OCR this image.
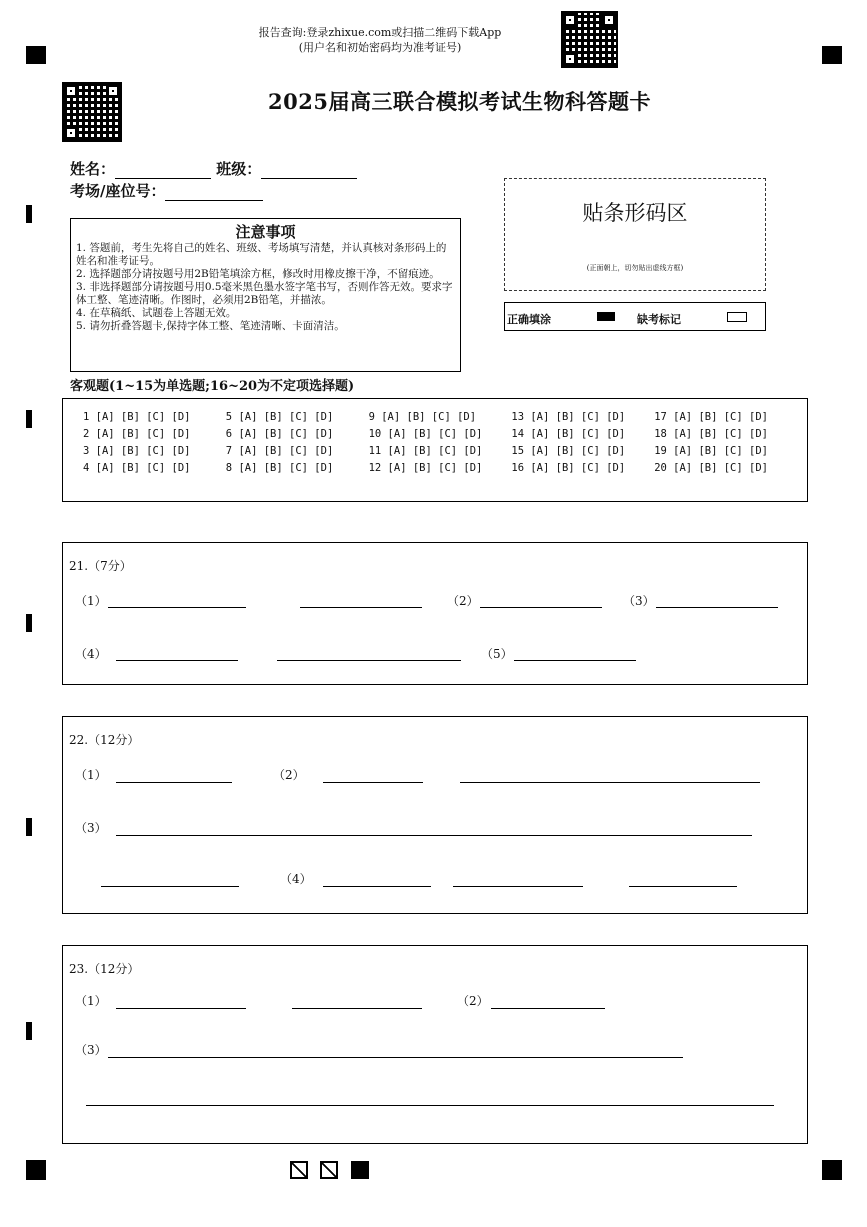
报告查询:登录zhixue.com或扫描二维码下载App
(用户名和初始密码均为准考证号)
2025届高三联合模拟考试生物科答题卡
姓名：	班级：
考场/座位号：
注意事项
1. 答题前，考生先将自己的姓名、班级、考场填写清楚，并认真核对条形码上的姓名和准考证号。
2. 选择题部分请按题号用2B铅笔填涂方框，修改时用橡皮擦干净，不留痕迹。
3. 非选择题部分请按题号用0.5毫米黑色墨水签字笔书写，否则作答无效。要求字体工整、笔迹清晰。作图时，必须用2B铅笔，并描浓。
4. 在草稿纸、试题卷上答题无效。
5. 请勿折叠答题卡,保持字体工整、笔迹清晰、卡面清洁。
贴条形码区
(正面朝上，切勿贴出虚线方框)
正确填涂	缺考标记
客观题(1~15为单选题;16~20为不定项选择题)
1 [A] [B] [C] [D]	5 [A] [B] [C] [D]	9 [A] [B] [C] [D]	13 [A] [B] [C] [D]	17 [A] [B] [C] [D]
2 [A] [B] [C] [D]	6 [A] [B] [C] [D]	10 [A] [B] [C] [D]	14 [A] [B] [C] [D]	18 [A] [B] [C] [D]
3 [A] [B] [C] [D]	7 [A] [B] [C] [D]	11 [A] [B] [C] [D]	15 [A] [B] [C] [D]	19 [A] [B] [C] [D]
4 [A] [B] [C] [D]	8 [A] [B] [C] [D]	12 [A] [B] [C] [D]	16 [A] [B] [C] [D]	20 [A] [B] [C] [D]
21.（7分）
（1）	（2）	（3）
（4）	（5）
22.（12分）
（1）	（2）
（3）
（4）
23.（12分）
（1）	（2）
（3）
